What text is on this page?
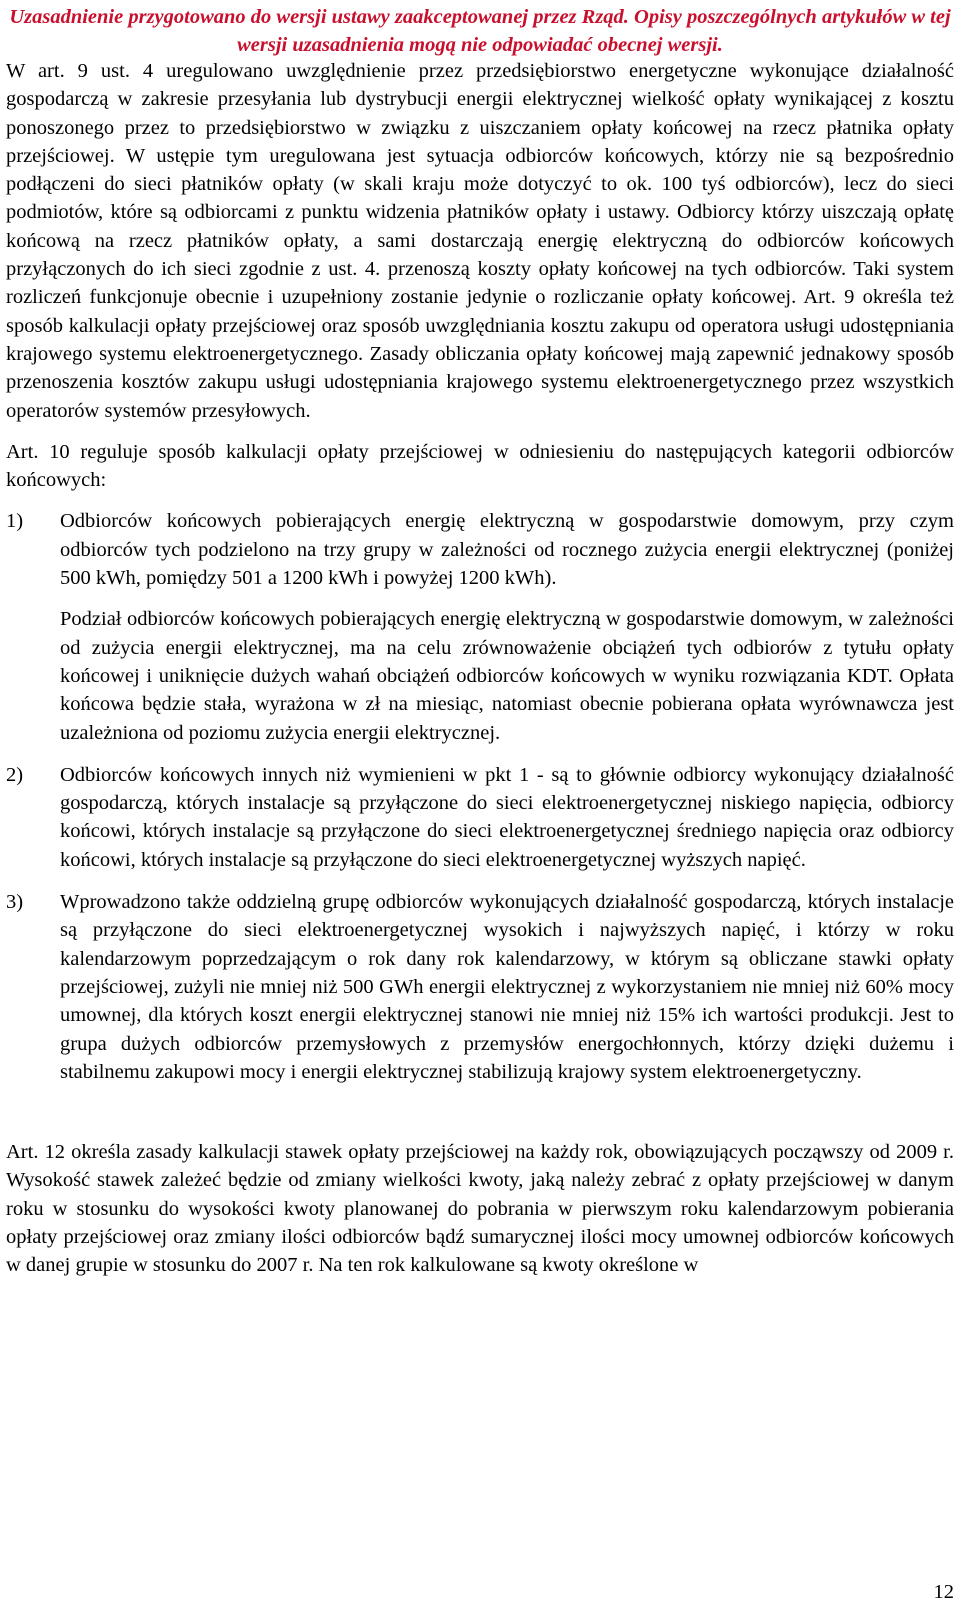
Uzasadnienie przygotowano do wersji ustawy zaakceptowanej przez Rząd. Opisy poszczególnych artykułów w tej wersji uzasadnienia mogą nie odpowiadać obecnej wersji.

W art. 9 ust. 4 uregulowano uwzględnienie przez przedsiębiorstwo energetyczne wykonujące działalność gospodarczą w zakresie przesyłania lub dystrybucji energii elektrycznej wielkość opłaty wynikającej z kosztu ponoszonego przez to przedsiębiorstwo w związku z uiszczaniem opłaty końcowej na rzecz płatnika opłaty przejściowej. W ustępie tym uregulowana jest sytuacja odbiorców końcowych, którzy nie są bezpośrednio podłączeni do sieci płatników opłaty (w skali kraju może dotyczyć to ok. 100 tyś odbiorców), lecz do sieci podmiotów, które są odbiorcami z punktu widzenia płatników opłaty i ustawy. Odbiorcy którzy uiszczają opłatę końcową na rzecz płatników opłaty, a sami dostarczają energię elektryczną do odbiorców końcowych przyłączonych do ich sieci zgodnie z ust. 4. przenoszą koszty opłaty końcowej na tych odbiorców. Taki system rozliczeń funkcjonuje obecnie i uzupełniony zostanie jedynie o rozliczanie opłaty końcowej. Art. 9 określa też sposób kalkulacji opłaty przejściowej oraz sposób uwzględniania kosztu zakupu od operatora usługi udostępniania krajowego systemu elektroenergetycznego. Zasady obliczania opłaty końcowej mają zapewnić jednakowy sposób przenoszenia kosztów zakupu usługi udostępniania krajowego systemu elektroenergetycznego przez wszystkich operatorów systemów przesyłowych.

Art. 10 reguluje sposób kalkulacji opłaty przejściowej w odniesieniu do następujących kategorii odbiorców końcowych:

1) Odbiorców końcowych pobierających energię elektryczną w gospodarstwie domowym, przy czym odbiorców tych podzielono na trzy grupy w zależności od rocznego zużycia energii elektrycznej (poniżej 500 kWh, pomiędzy 501 a 1200 kWh i powyżej 1200 kWh).

Podział odbiorców końcowych pobierających energię elektryczną w gospodarstwie domowym, w zależności od zużycia energii elektrycznej, ma na celu zrównoważenie obciążeń tych odbiorów z tytułu opłaty końcowej i uniknięcie dużych wahań obciążeń odbiorców końcowych w wyniku rozwiązania KDT. Opłata końcowa będzie stała, wyrażona w zł na miesiąc, natomiast obecnie pobierana opłata wyrównawcza jest uzależniona od poziomu zużycia energii elektrycznej.

2) Odbiorców końcowych innych niż wymienieni w pkt 1 - są to głównie odbiorcy wykonujący działalność gospodarczą, których instalacje są przyłączone do sieci elektroenergetycznej niskiego napięcia, odbiorcy końcowi, których instalacje są przyłączone do sieci elektroenergetycznej średniego napięcia oraz odbiorcy końcowi, których instalacje są przyłączone do sieci elektroenergetycznej wyższych napięć.

3) Wprowadzono także oddzielną grupę odbiorców wykonujących działalność gospodarczą, których instalacje są przyłączone do sieci elektroenergetycznej wysokich i najwyższych napięć, i którzy w roku kalendarzowym poprzedzającym o rok dany rok kalendarzowy, w którym są obliczane stawki opłaty przejściowej, zużyli nie mniej niż 500 GWh energii elektrycznej z wykorzystaniem nie mniej niż 60% mocy umownej, dla których koszt energii elektrycznej stanowi nie mniej niż 15% ich wartości produkcji. Jest to grupa dużych odbiorców przemysłowych z przemysłów energochłonnych, którzy dzięki dużemu i stabilnemu zakupowi mocy i energii elektrycznej stabilizują krajowy system elektroenergetyczny.

Art. 12 określa zasady kalkulacji stawek opłaty przejściowej na każdy rok, obowiązujących począwszy od 2009 r. Wysokość stawek zależeć będzie od zmiany wielkości kwoty, jaką należy zebrać z opłaty przejściowej w danym roku w stosunku do wysokości kwoty planowanej do pobrania w pierwszym roku kalendarzowym pobierania opłaty przejściowej oraz zmiany ilości odbiorców bądź sumarycznej ilości mocy umownej odbiorców końcowych w danej grupie w stosunku do 2007 r. Na ten rok kalkulowane są kwoty określone w

12
